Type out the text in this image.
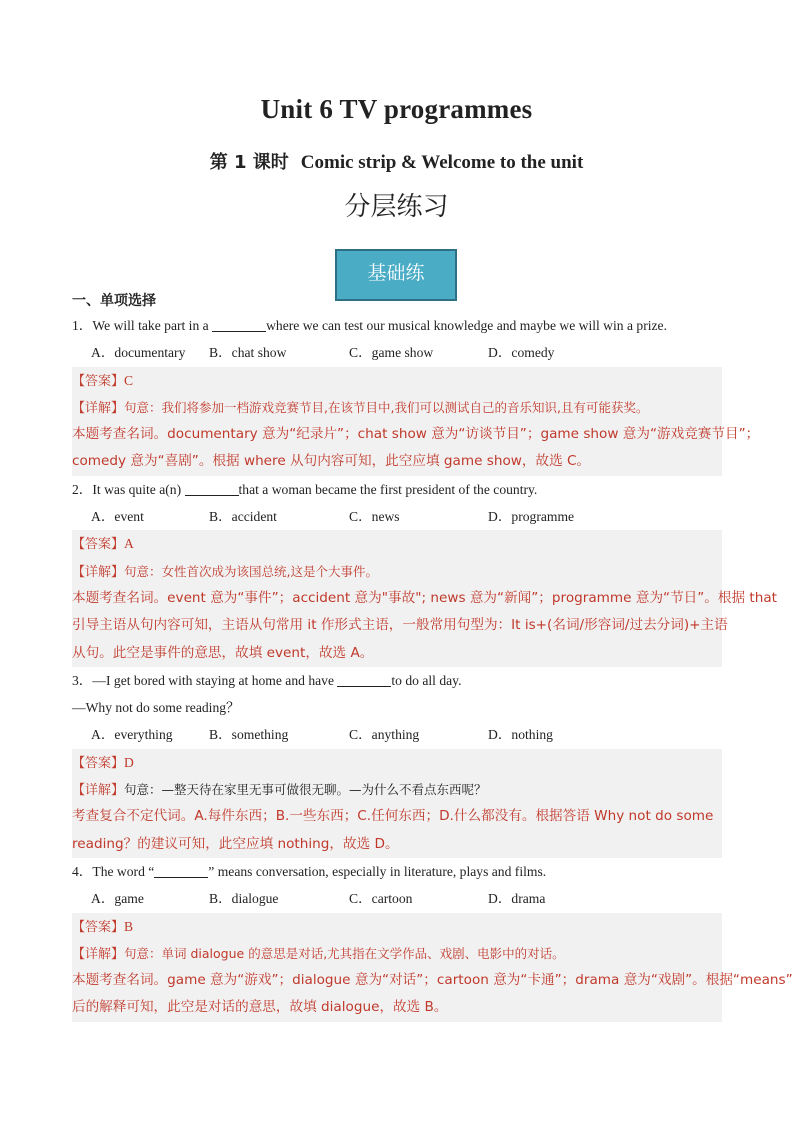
Unit 6 TV programmes
第 1 课时 Comic strip & Welcome to the unit
分层练习
基础练
一、单项选择
1．We will take part in a	where we can test our musical knowledge and maybe we will win a prize.
A．documentary B．chat show	C．game show	D．comedy
【答案】C
【详解】句意：我们将参加一档游戏竞赛节目,在该节目中,我们可以测试自己的音乐知识,且有可能获奖。
本题考查名词。documentary 意为“纪录片”；chat show 意为“访谈节目”；game show 意为“游戏竞赛节目”；
comedy 意为“喜剧”。根据 where 从句内容可知，此空应填 game show，故选 C。
2．It was quite a(n)	that a woman became the first president of the country.
A．event	B．accident	C．news	D．programme
【答案】A
【详解】句意：女性首次成为该国总统,这是个大事件。
本题考查名词。event 意为“事件”；accident 意为"事故"; news 意为“新闻”；programme 意为“节日”。根据 that
引导主语从句内容可知，主语从句常用 it 作形式主语，一般常用句型为：It is+(名词/形容词/过去分词)+主语
从句。此空是事件的意思，故填 event，故选 A。
3．—I get bored with staying at home and have	to do all day.
—Why not do some reading？
A．everything	B．something	C．anything	D．nothing
【答案】D
【详解】句意：—整天待在家里无事可做很无聊。—为什么不看点东西呢？
考查复合不定代词。A.每件东西；B.一些东西；C.任何东西；D.什么都没有。根据答语 Why not do some
reading？的建议可知，此空应填 nothing，故选 D。
4．The word “	” means conversation, especially in literature, plays and films.
A．game	B．dialogue	C．cartoon	D．drama
【答案】B
【详解】句意：单词 dialogue 的意思是对话,尤其指在文学作品、戏剧、电影中的对话。
本题考查名词。game 意为“游戏”；dialogue 意为“对话”；cartoon 意为“卡通”；drama 意为“戏剧”。根据“means”
后的解释可知，此空是对话的意思，故填 dialogue，故选 B。
